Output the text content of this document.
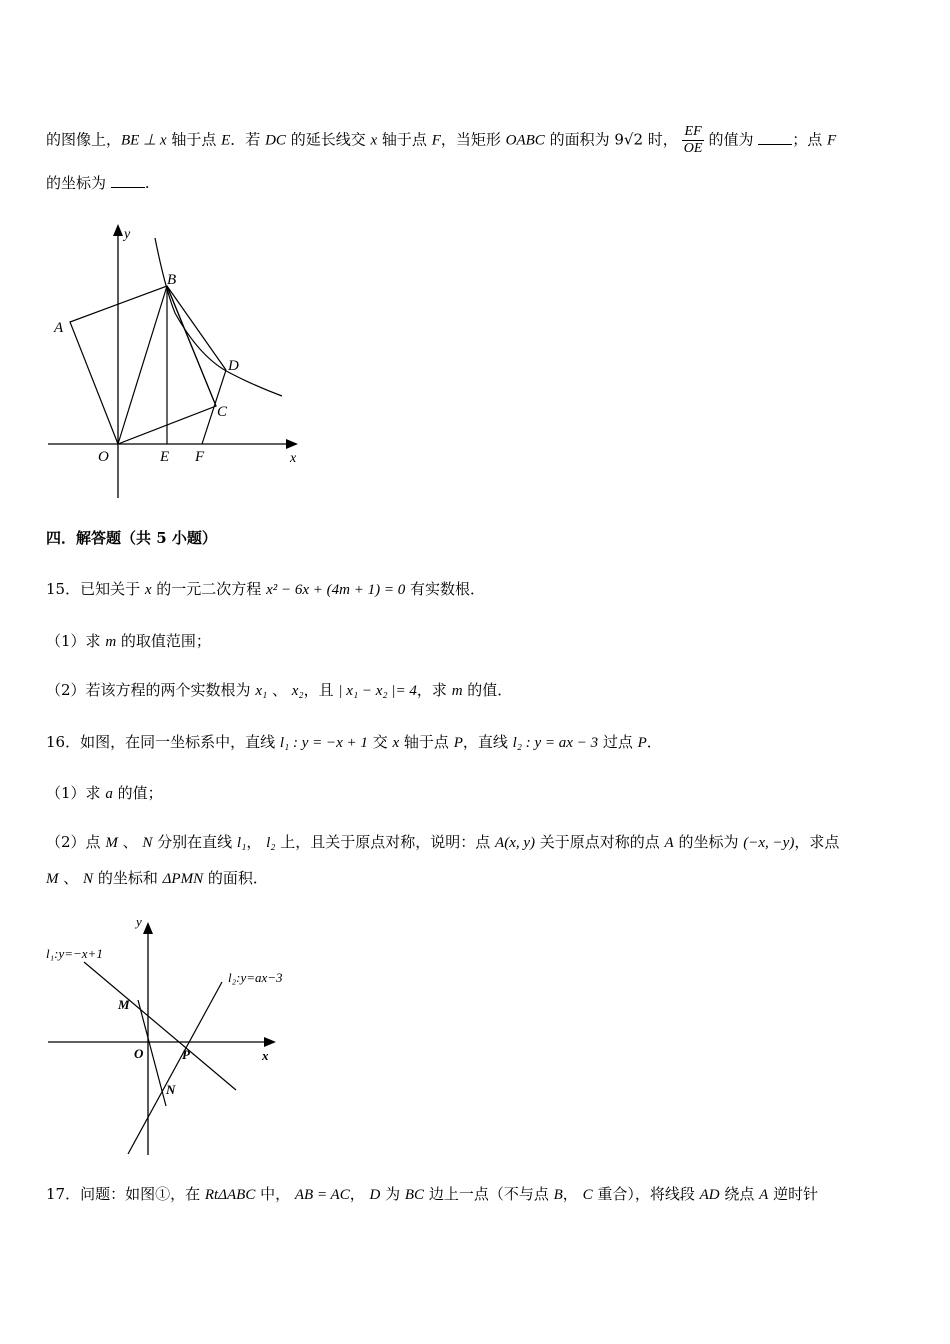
的图像上，BE ⊥ x 轴于点 E．若 DC 的延长线交 x 轴于点 F，当矩形 OABC 的面积为 9√2 时， $\frac{EF}{OE}$ 的值为 ；点 F
的坐标为 .
y
x
A
B
C
D
O	E F
四．解答题（共 5 小题）
15．已知关于 x 的一元二次方程 x² − 6x + (4m + 1) = 0 有实数根．
（1）求 m 的取值范围；
（2）若该方程的两个实数根为 x₁ 、 x₂，且 | x₁ − x₂ |= 4，求 m 的值．
16．如图，在同一坐标系中，直线 l₁ : y = −x + 1 交 x 轴于点 P，直线 l₂ : y = ax − 3 过点 P．
（1）求 a 的值；
（2）点 M 、 N 分别在直线 l₁， l₂ 上，且关于原点对称，说明：点 A(x, y) 关于原点对称的点 A 的坐标为 (−x, −y)，求点
M 、 N 的坐标和 ΔPMN 的面积．
y
x
l₁:y=−x+1
l₂:y=ax−3
M
O	P
N
17．问题：如图①，在 RtΔABC 中， AB = AC， D 为 BC 边上一点（不与点 B， C 重合），将线段 AD 绕点 A 逆时针
